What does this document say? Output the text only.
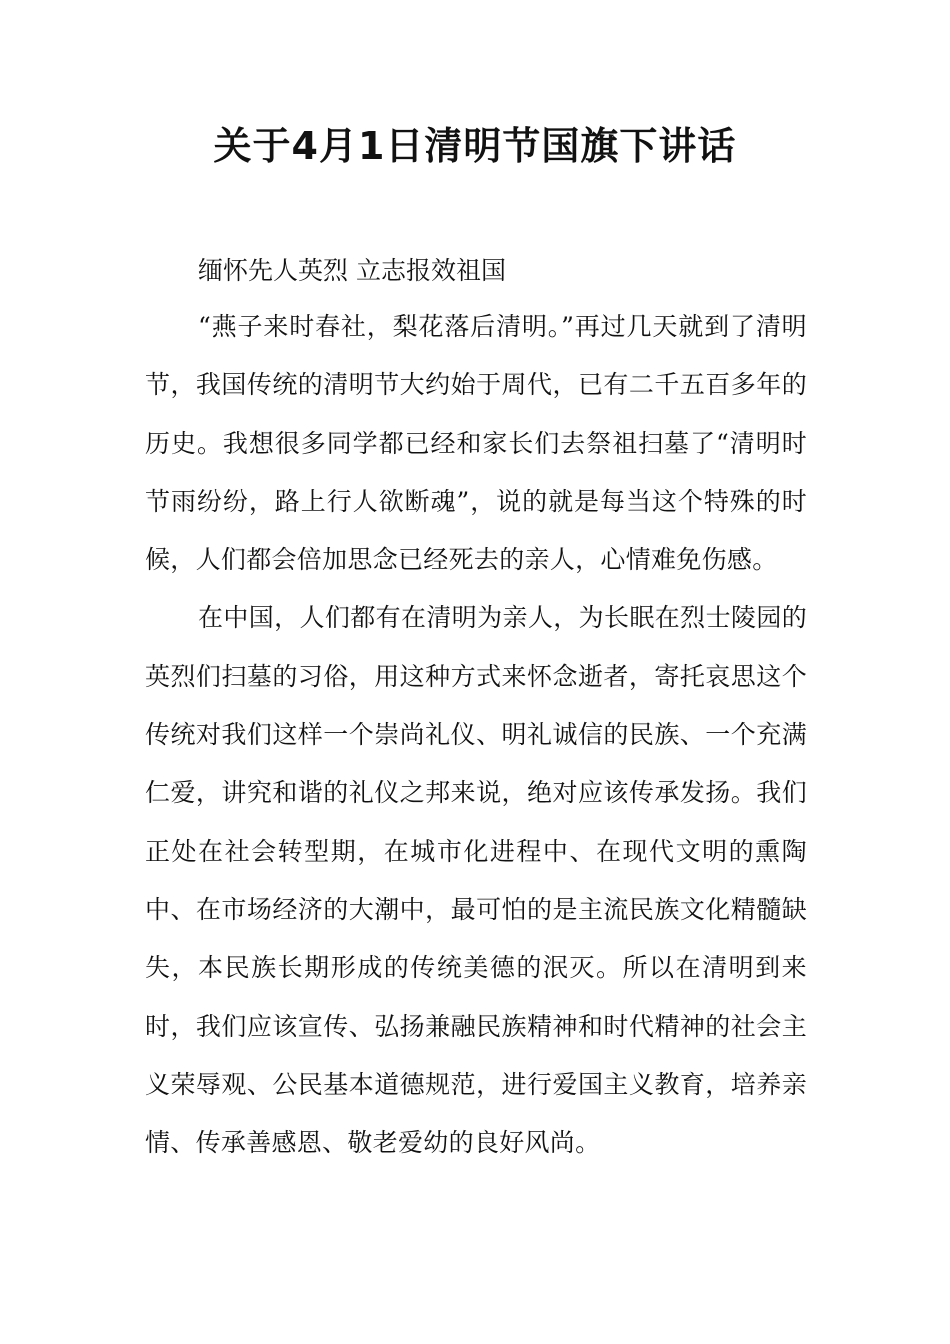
关于4月1日清明节国旗下讲话

缅怀先人英烈 立志报效祖国

“燕子来时春社，梨花落后清明。”再过几天就到了清明节，我国传统的清明节大约始于周代，已有二千五百多年的历史。我想很多同学都已经和家长们去祭祖扫墓了“清明时节雨纷纷，路上行人欲断魂”，说的就是每当这个特殊的时候，人们都会倍加思念已经死去的亲人，心情难免伤感。

在中国，人们都有在清明为亲人，为长眠在烈士陵园的英烈们扫墓的习俗，用这种方式来怀念逝者，寄托哀思这个传统对我们这样一个崇尚礼仪、明礼诚信的民族、一个充满仁爱，讲究和谐的礼仪之邦来说，绝对应该传承发扬。我们正处在社会转型期，在城市化进程中、在现代文明的熏陶中、在市场经济的大潮中，最可怕的是主流民族文化精髓缺失，本民族长期形成的传统美德的泯灭。所以在清明到来时，我们应该宣传、弘扬兼融民族精神和时代精神的社会主义荣辱观、公民基本道德规范，进行爱国主义教育，培养亲情、传承善感恩、敬老爱幼的良好风尚。
